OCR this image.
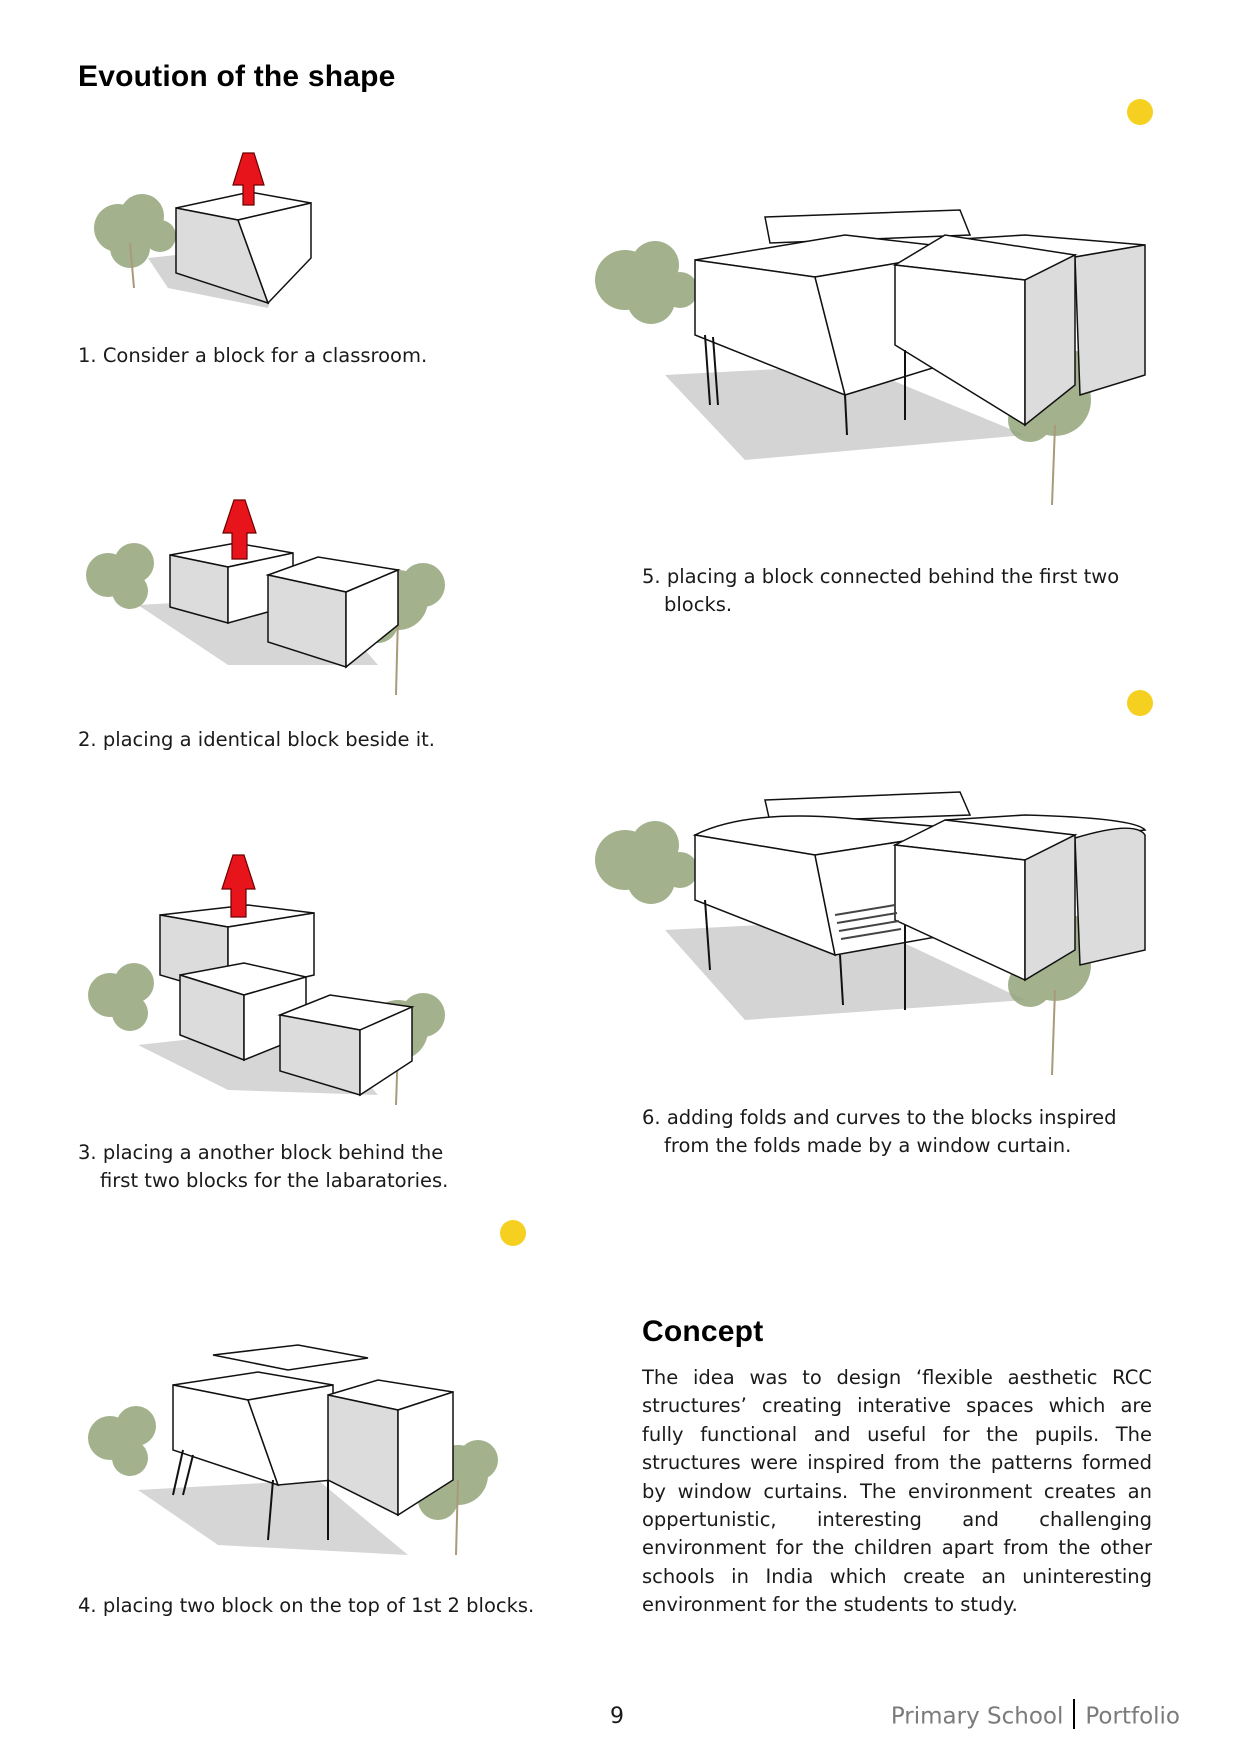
Evoution of the shape

1. Consider a block for a classroom.

2. placing a identical block beside it.

3. placing a another block behind the first two blocks for the labaratories.

4. placing two block on the top of 1st 2 blocks.

5. placing a block connected behind the first two blocks.

6. adding folds and curves to the blocks inspired from the folds made by a window curtain.

Concept

The idea was to design ‘flexible aesthetic RCC structures’ creating interative spaces which are fully functional and useful for the pupils. The structures were inspired from the patterns formed by window curtains. The environment creates an oppertunistic, interesting and challenging environment for the children apart from the other schools in India which create an uninteresting environment for the students to study.

9	Primary School Portfolio
